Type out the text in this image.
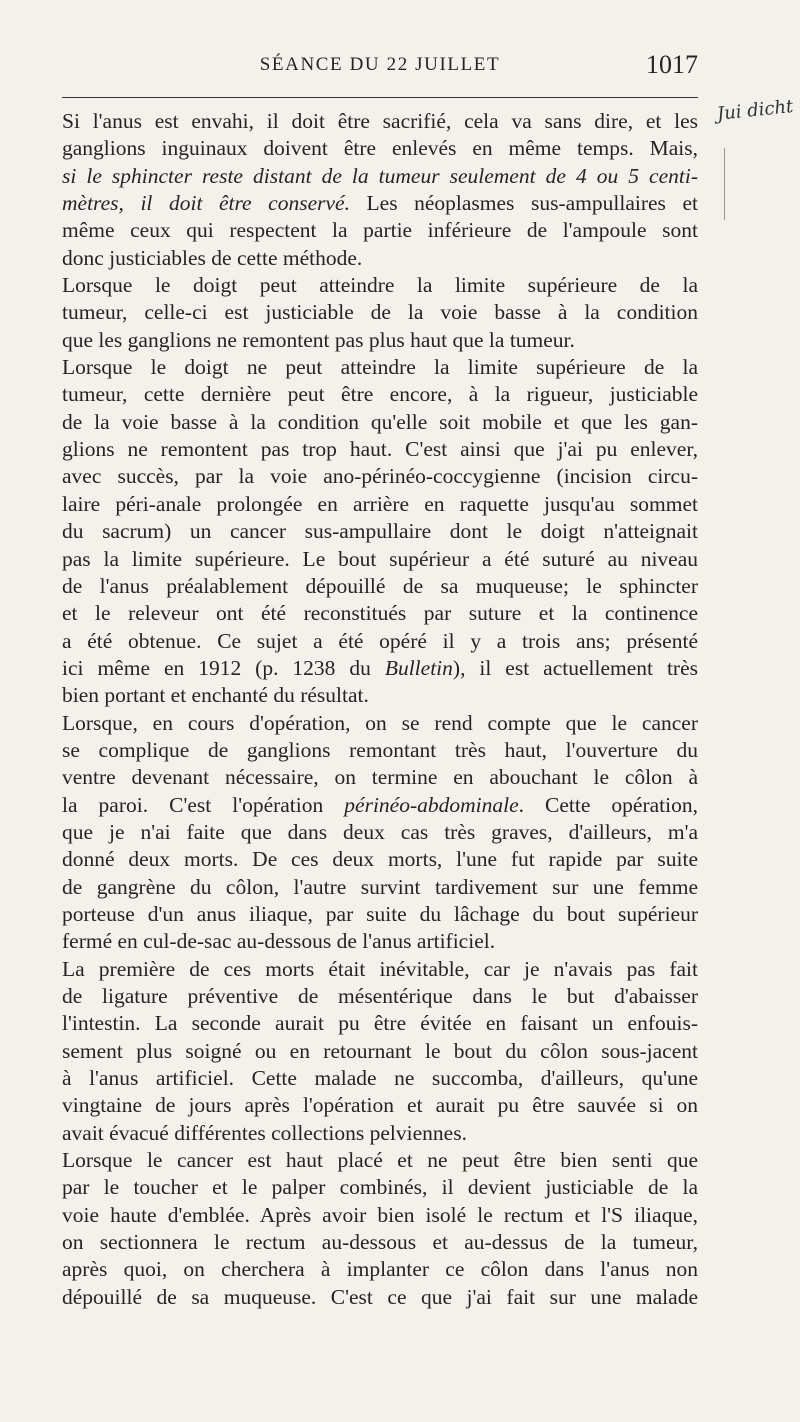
SÉANCE DU 22 JUILLET	1017
Jui dicht
Si l'anus est envahi, il doit être sacrifié, cela va sans dire, et les
ganglions inguinaux doivent être enlevés en même temps. Mais,
si le sphincter reste distant de la tumeur seulement de 4 ou 5 centi-
mètres, il doit être conservé. Les néoplasmes sus-ampullaires et
même ceux qui respectent la partie inférieure de l'ampoule sont
donc justiciables de cette méthode.
Lorsque le doigt peut atteindre la limite supérieure de la
tumeur, celle-ci est justiciable de la voie basse à la condition
que les ganglions ne remontent pas plus haut que la tumeur.
Lorsque le doigt ne peut atteindre la limite supérieure de la
tumeur, cette dernière peut être encore, à la rigueur, justiciable
de la voie basse à la condition qu'elle soit mobile et que les gan-
glions ne remontent pas trop haut. C'est ainsi que j'ai pu enlever,
avec succès, par la voie ano-périnéo-coccygienne (incision circu-
laire péri-anale prolongée en arrière en raquette jusqu'au sommet
du sacrum) un cancer sus-ampullaire dont le doigt n'atteignait
pas la limite supérieure. Le bout supérieur a été suturé au niveau
de l'anus préalablement dépouillé de sa muqueuse; le sphincter
et le releveur ont été reconstitués par suture et la continence
a été obtenue. Ce sujet a été opéré il y a trois ans; présenté
ici même en 1912 (p. 1238 du Bulletin), il est actuellement très
bien portant et enchanté du résultat.
Lorsque, en cours d'opération, on se rend compte que le cancer
se complique de ganglions remontant très haut, l'ouverture du
ventre devenant nécessaire, on termine en abouchant le côlon à
la paroi. C'est l'opération périnéo-abdominale. Cette opération,
que je n'ai faite que dans deux cas très graves, d'ailleurs, m'a
donné deux morts. De ces deux morts, l'une fut rapide par suite
de gangrène du côlon, l'autre survint tardivement sur une femme
porteuse d'un anus iliaque, par suite du lâchage du bout supérieur
fermé en cul-de-sac au-dessous de l'anus artificiel.
La première de ces morts était inévitable, car je n'avais pas fait
de ligature préventive de mésentérique dans le but d'abaisser
l'intestin. La seconde aurait pu être évitée en faisant un enfouis-
sement plus soigné ou en retournant le bout du côlon sous-jacent
à l'anus artificiel. Cette malade ne succomba, d'ailleurs, qu'une
vingtaine de jours après l'opération et aurait pu être sauvée si on
avait évacué différentes collections pelviennes.
Lorsque le cancer est haut placé et ne peut être bien senti que
par le toucher et le palper combinés, il devient justiciable de la
voie haute d'emblée. Après avoir bien isolé le rectum et l'S iliaque,
on sectionnera le rectum au-dessous et au-dessus de la tumeur,
après quoi, on cherchera à implanter ce côlon dans l'anus non
dépouillé de sa muqueuse. C'est ce que j'ai fait sur une malade
